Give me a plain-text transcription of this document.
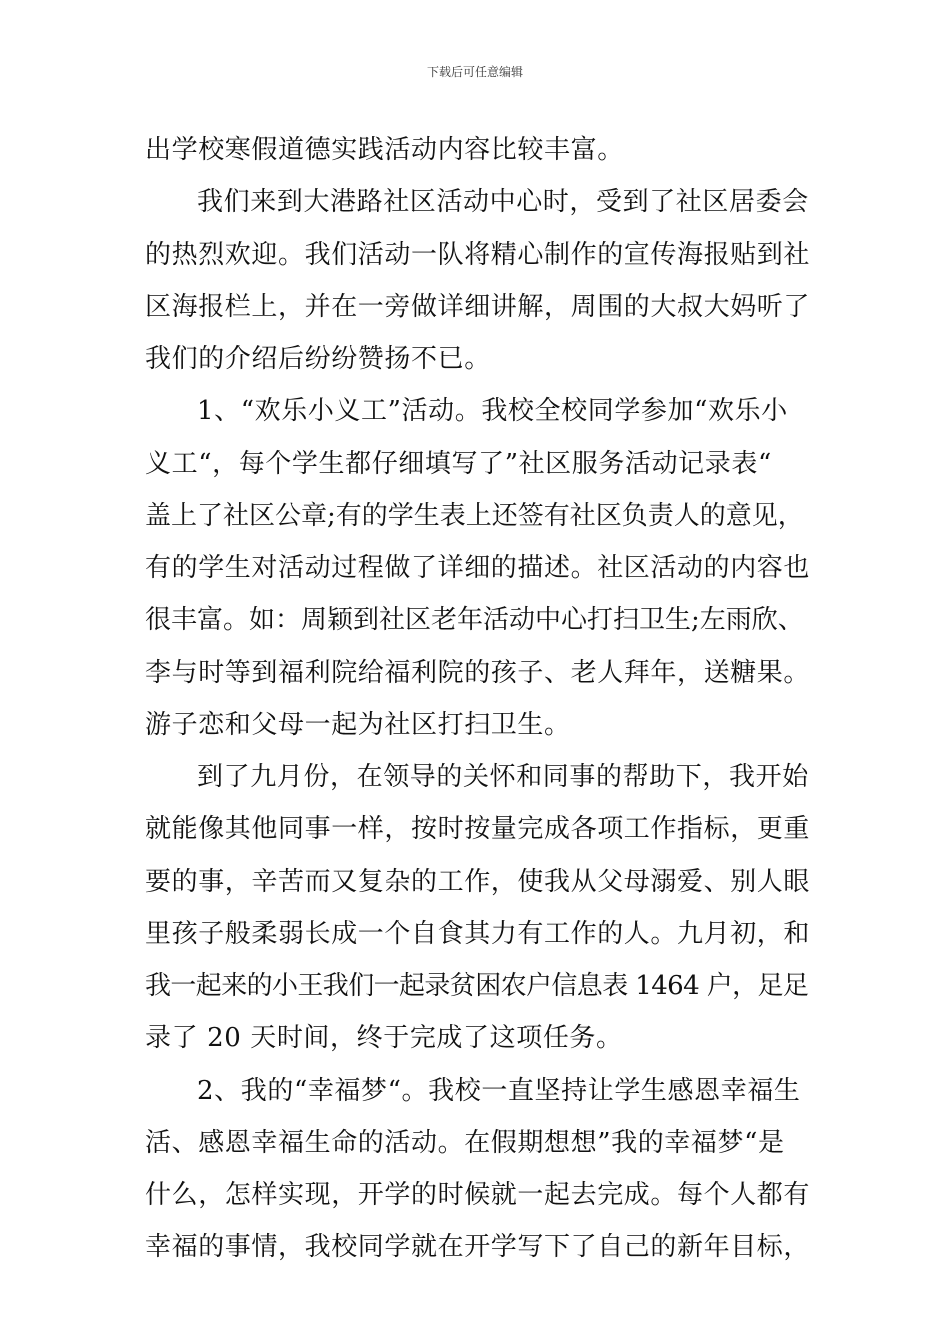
下载后可任意编辑
出学校寒假道德实践活动内容比较丰富。
我们来到大港路社区活动中心时，受到了社区居委会
的热烈欢迎。我们活动一队将精心制作的宣传海报贴到社
区海报栏上，并在一旁做详细讲解，周围的大叔大妈听了
我们的介绍后纷纷赞扬不已。
1、“欢乐小义工”活动。我校全校同学参加“欢乐小
义工“，每个学生都仔细填写了”社区服务活动记录表“
盖上了社区公章;有的学生表上还签有社区负责人的意见，
有的学生对活动过程做了详细的描述。社区活动的内容也
很丰富。如：周颖到社区老年活动中心打扫卫生;左雨欣、
李与时等到福利院给福利院的孩子、老人拜年，送糖果。
游子恋和父母一起为社区打扫卫生。
到了九月份，在领导的关怀和同事的帮助下，我开始
就能像其他同事一样，按时按量完成各项工作指标，更重
要的事，辛苦而又复杂的工作，使我从父母溺爱、别人眼
里孩子般柔弱长成一个自食其力有工作的人。九月初，和
我一起来的小王我们一起录贫困农户信息表 1464 户，足足
录了 20 天时间，终于完成了这项任务。
2、我的“幸福梦“。我校一直坚持让学生感恩幸福生
活、感恩幸福生命的活动。在假期想想”我的幸福梦“是
什么，怎样实现，开学的时候就一起去完成。每个人都有
幸福的事情，我校同学就在开学写下了自己的新年目标，
